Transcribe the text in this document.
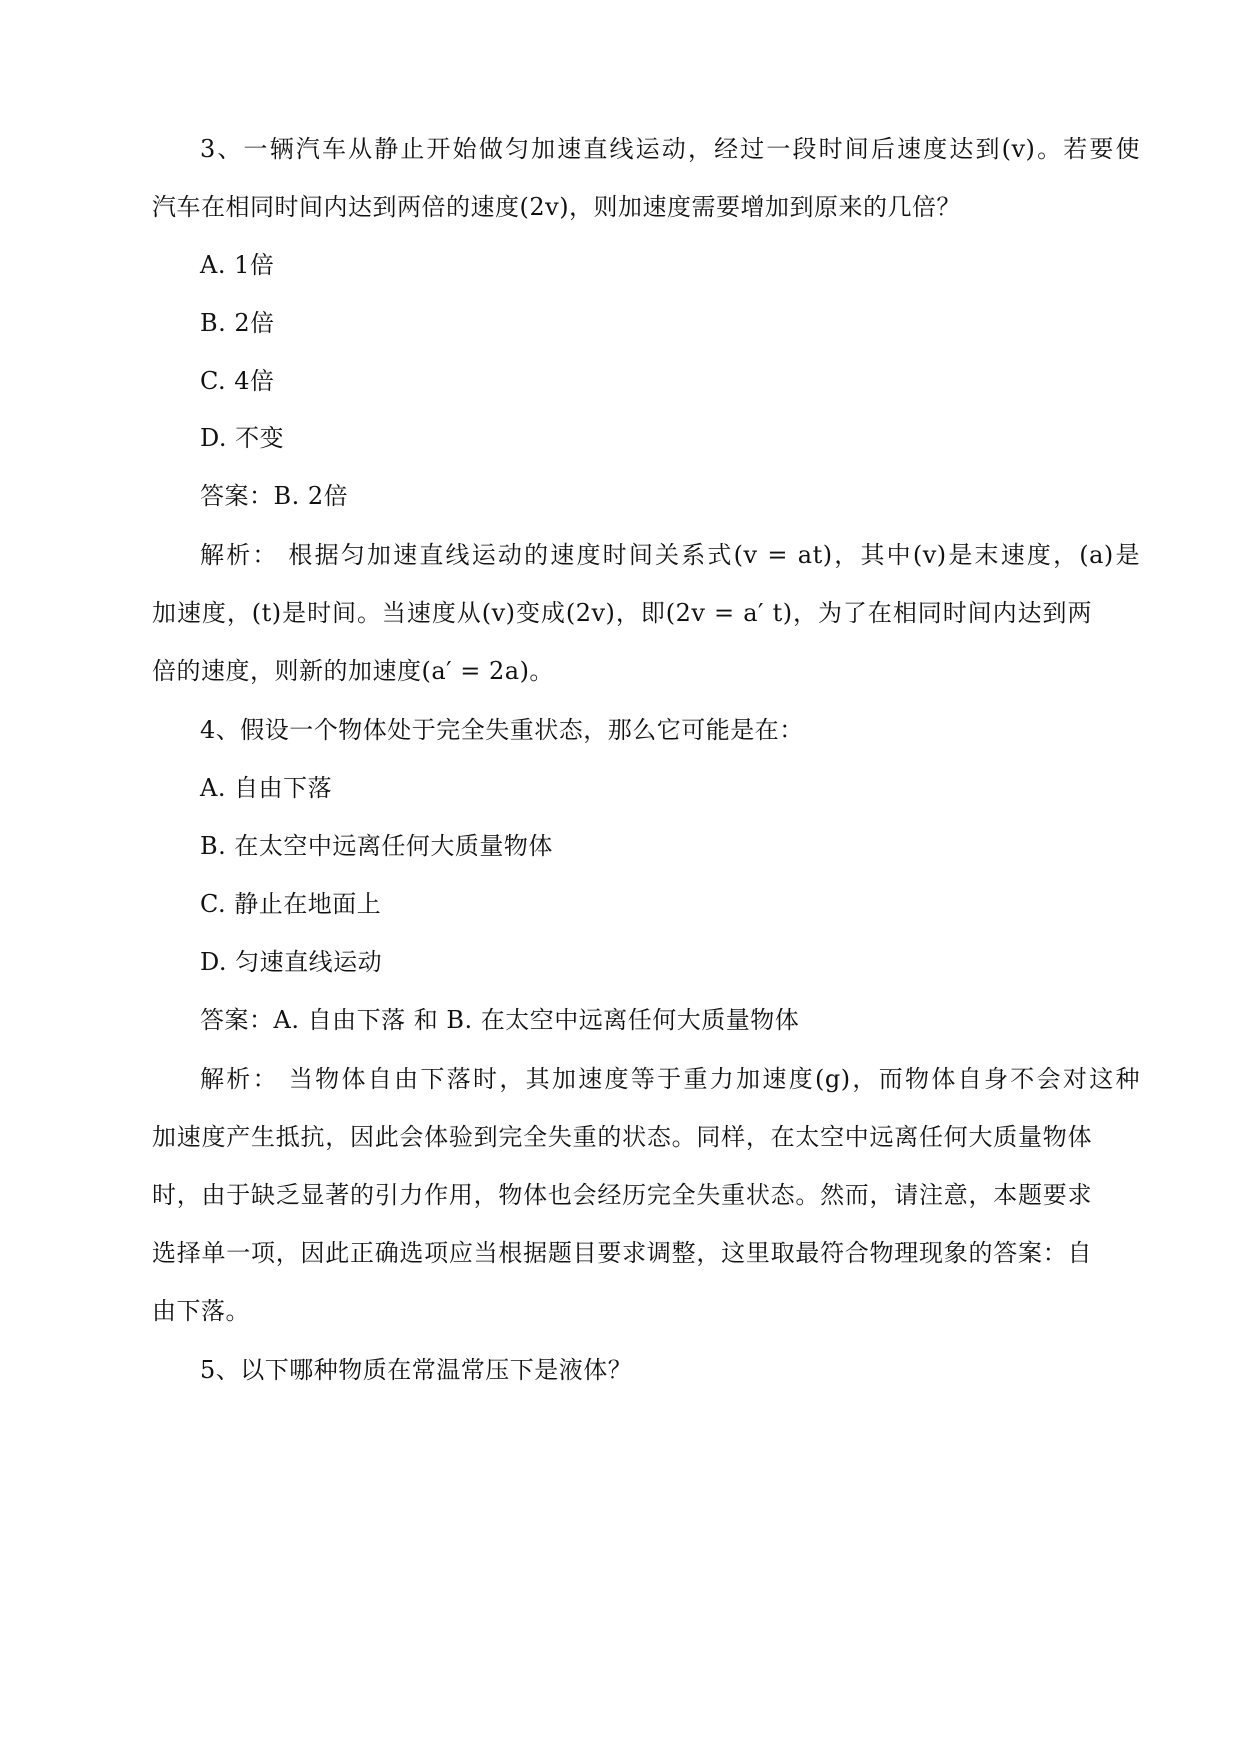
3、一辆汽车从静止开始做匀加速直线运动，经过一段时间后速度达到(v)。若要使
汽车在相同时间内达到两倍的速度(2v)，则加速度需要增加到原来的几倍？
A. 1倍
B. 2倍
C. 4倍
D. 不变
答案：B. 2倍
解析： 根据匀加速直线运动的速度时间关系式(v = at)，其中(v)是末速度，(a)是
加速度，(t)是时间。当速度从(v)变成(2v)，即(2v = a′ t)，为了在相同时间内达到两
倍的速度，则新的加速度(a′ = 2a)。
4、假设一个物体处于完全失重状态，那么它可能是在：
A. 自由下落
B. 在太空中远离任何大质量物体
C. 静止在地面上
D. 匀速直线运动
答案：A. 自由下落 和 B. 在太空中远离任何大质量物体
解析： 当物体自由下落时，其加速度等于重力加速度(g)，而物体自身不会对这种
加速度产生抵抗，因此会体验到完全失重的状态。同样，在太空中远离任何大质量物体
时，由于缺乏显著的引力作用，物体也会经历完全失重状态。然而，请注意，本题要求
选择单一项，因此正确选项应当根据题目要求调整，这里取最符合物理现象的答案：自
由下落。
5、以下哪种物质在常温常压下是液体？
